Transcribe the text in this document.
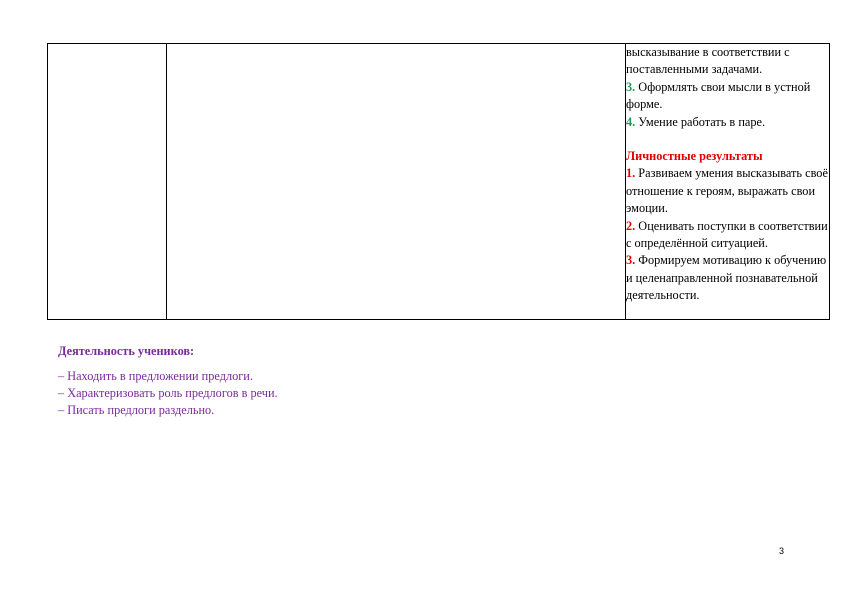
высказывание в соответствии с поставленными задачами.
3. Оформлять свои мысли в устной форме.
4. Умение работать в паре.
Личностные результаты
1. Развиваем умения высказывать своё отношение к героям, выражать свои эмоции.
2. Оценивать поступки в соответствии с определённой ситуацией.
3. Формируем мотивацию к обучению и целенаправленной познавательной деятельности.
Деятельность учеников:
– Находить в предложении предлоги.
– Характеризовать роль предлогов в речи.
– Писать предлоги раздельно.
3
